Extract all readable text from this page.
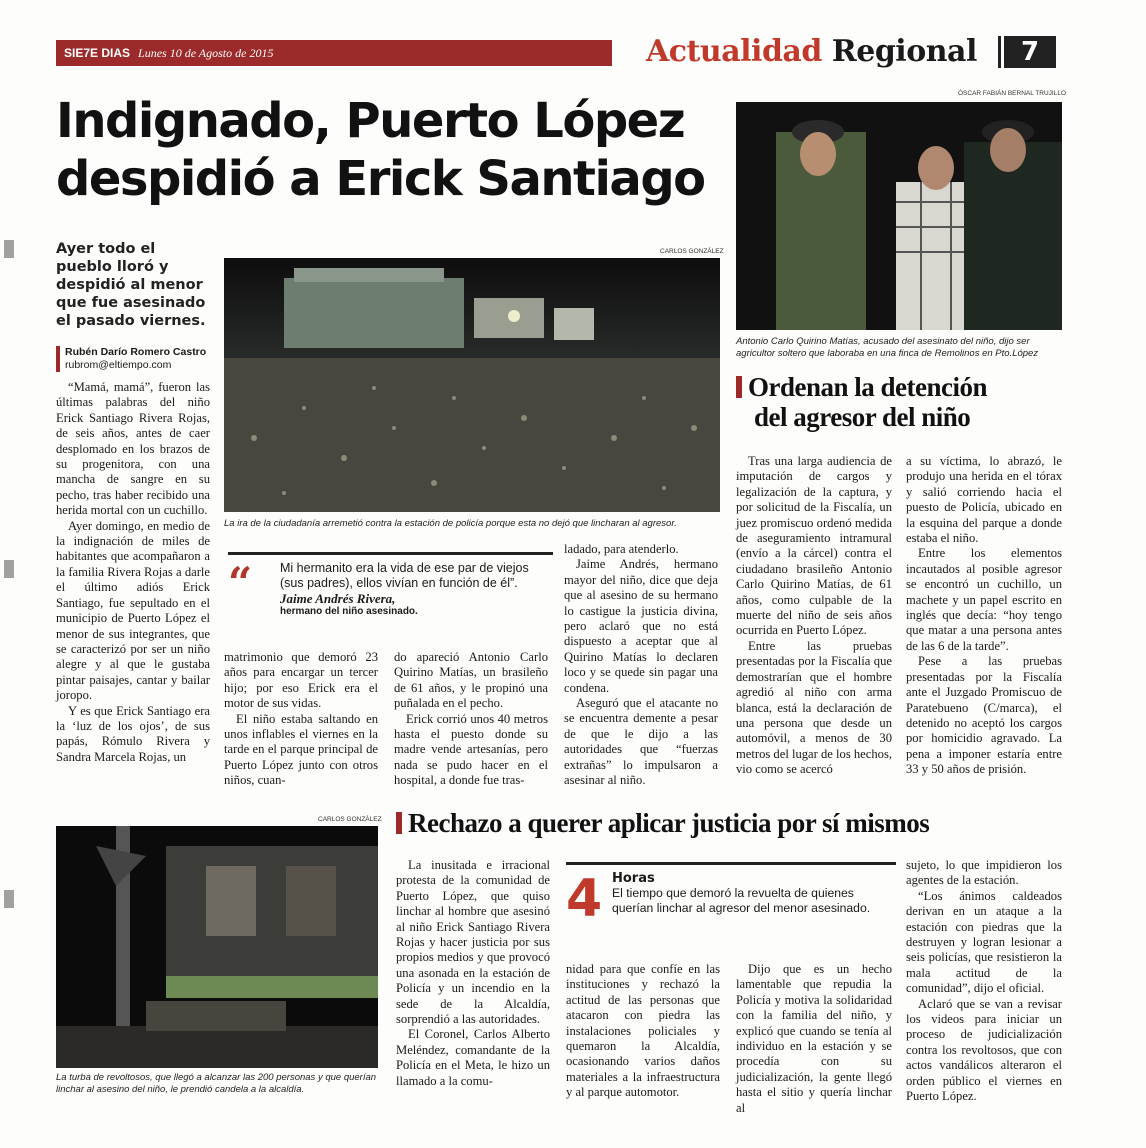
SIE7E DIAS Lunes 10 de Agosto de 2015	Actualidad Regional	7
Indignado, Puerto López
despidió a Erick Santiago
Ayer todo el pueblo lloró y despidió al menor que fue asesinado el pasado viernes.
Rubén Darío Romero Castro
rubrom@eltiempo.com
CARLOS GONZÁLEZ
La ira de la ciudadanía arremetió contra la estación de policía porque esta no dejó que lincharan al agresor.

“Mamá, mamá”, fueron las últimas palabras del niño Erick Santiago Rivera Rojas, de seis años, antes de caer desplomado en los brazos de su progenitora, con una mancha de sangre en su pecho, tras haber recibido una herida mortal con un cuchillo.

Ayer domingo, en medio de la indignación de miles de habitantes que acompañaron a la familia Rivera Rojas a darle el último adiós Erick Santiago, fue sepultado en el municipio de Puerto López el menor de sus integrantes, que se caracterizó por ser un niño alegre y al que le gustaba pintar paisajes, cantar y bailar joropo.

Y es que Erick Santiago era la ‘luz de los ojos’, de sus papás, Rómulo Rivera y Sandra Marcela Rojas, un

“	Mi hermanito era la vida de ese par de viejos (sus padres), ellos vivían en función de él”.
Jaime Andrés Rivera,
hermano del niño asesinado.

matrimonio que demoró 23 años para encargar un tercer hijo; por eso Erick era el motor de sus vidas.

El niño estaba saltando en unos inflables el viernes en la tarde en el parque principal de Puerto López junto con otros niños, cuan-

do apareció Antonio Carlo Quirino Matías, un brasileño de 61 años, y le propinó una puñalada en el pecho.

Erick corrió unos 40 metros hasta el puesto donde su madre vende artesanías, pero nada se pudo hacer en el hospital, a donde fue tras-

ladado, para atenderlo.

Jaime Andrés, hermano mayor del niño, dice que deja que al asesino de su hermano lo castigue la justicia divina, pero aclaró que no está dispuesto a aceptar que al Quirino Matías lo declaren loco y se quede sin pagar una condena.

Aseguró que el atacante no se encuentra demente a pesar de que le dijo a las autoridades que “fuerzas extrañas” lo impulsaron a asesinar al niño.

ÓSCAR FABIÁN BERNAL TRUJILLO
Antonio Carlo Quirino Matías, acusado del asesinato del niño, dijo ser agricultor soltero que laboraba en una finca de Remolinos en Pto.López
Ordenan la detención
del agresor del niño

Tras una larga audiencia de imputación de cargos y legalización de la captura, y por solicitud de la Fiscalía, un juez promiscuo ordenó medida de aseguramiento intramural (envío a la cárcel) contra el ciudadano brasileño Antonio Carlo Quirino Matías, de 61 años, como culpable de la muerte del niño de seis años ocurrida en Puerto López.

Entre las pruebas presentadas por la Fiscalía que demostrarían que el hombre agredió al niño con arma blanca, está la declaración de una persona que desde un automóvil, a menos de 30 metros del lugar de los hechos, vio como se acercó

a su víctima, lo abrazó, le produjo una herida en el tórax y salió corriendo hacia el puesto de Policía, ubicado en la esquina del parque a donde estaba el niño.

Entre los elementos incautados al posible agresor se encontró un cuchillo, un machete y un papel escrito en inglés que decía: “hoy tengo que matar a una persona antes de las 6 de la tarde”.

Pese a las pruebas presentadas por la Fiscalía ante el Juzgado Promiscuo de Paratebueno (C/marca), el detenido no aceptó los cargos por homicidio agravado. La pena a imponer estaría entre 33 y 50 años de prisión.

CARLOS GONZÁLEZ
La turba de revoltosos, que llegó a alcanzar las 200 personas y que querían linchar al asesino del niño, le prendió candela a la alcaldía.
Rechazo a querer aplicar justicia por sí mismos

La inusitada e irracional protesta de la comunidad de Puerto López, que quiso linchar al hombre que asesinó al niño Erick Santiago Rivera Rojas y hacer justicia por sus propios medios y que provocó una asonada en la estación de Policía y un incendio en la sede de la Alcaldía, sorprendió a las autoridades.

El Coronel, Carlos Alberto Meléndez, comandante de la Policía en el Meta, le hizo un llamado a la comu-

4 Horas
El tiempo que demoró la revuelta de quienes querían linchar al agresor del menor asesinado.

nidad para que confíe en las instituciones y rechazó la actitud de las personas que atacaron con piedra las instalaciones policiales y quemaron la Alcaldía, ocasionando varios daños materiales a la infraestructura y al parque automotor.

Dijo que es un hecho lamentable que repudia la Policía y motiva la solidaridad con la familia del niño, y explicó que cuando se tenía al individuo en la estación y se procedía con su judicialización, la gente llegó hasta el sitio y quería linchar al

sujeto, lo que impidieron los agentes de la estación.

“Los ánimos caldeados derivan en un ataque a la estación con piedras que la destruyen y logran lesionar a seis policías, que resistieron la mala actitud de la comunidad”, dijo el oficial.

Aclaró que se van a revisar los videos para iniciar un proceso de judicialización contra los revoltosos, que con actos vandálicos alteraron el orden público el viernes en Puerto López.
